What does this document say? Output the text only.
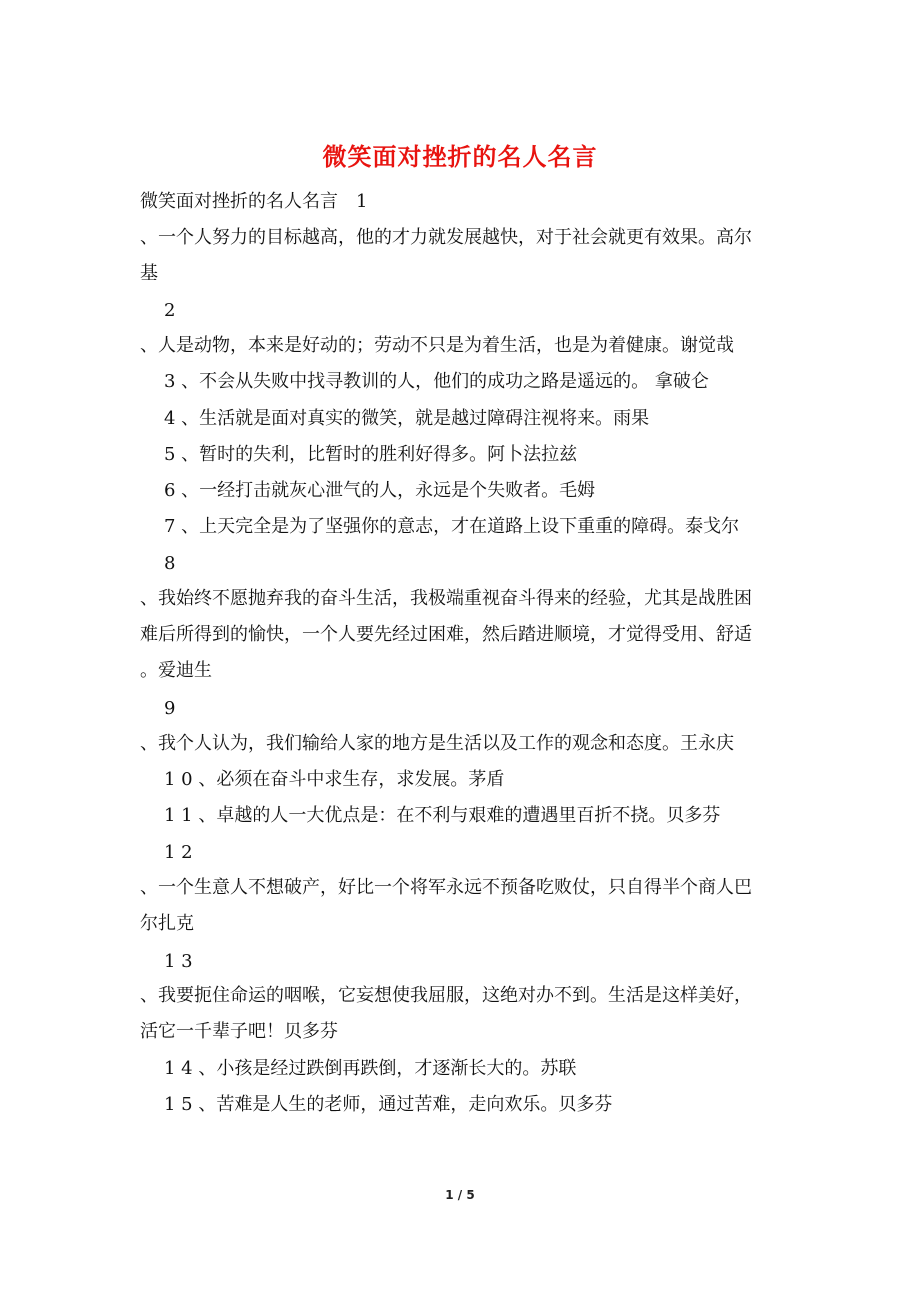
微笑面对挫折的名人名言
微笑面对挫折的名人名言　1
、一个人努力的目标越高，他的才力就发展越快，对于社会就更有效果。高尔
基
2
、人是动物，本来是好动的；劳动不只是为着生活，也是为着健康。谢觉哉
3 、不会从失败中找寻教训的人，他们的成功之路是遥远的。 拿破仑
4 、生活就是面对真实的微笑，就是越过障碍注视将来。雨果
5 、暂时的失利，比暂时的胜利好得多。阿卜法拉兹
6 、一经打击就灰心泄气的人，永远是个失败者。毛姆
7 、上天完全是为了坚强你的意志，才在道路上设下重重的障碍。泰戈尔
8
、我始终不愿抛弃我的奋斗生活，我极端重视奋斗得来的经验，尤其是战胜困
难后所得到的愉快，一个人要先经过困难，然后踏进顺境，才觉得受用、舒适
。爱迪生
9
、我个人认为，我们输给人家的地方是生活以及工作的观念和态度。王永庆
1 0 、必须在奋斗中求生存，求发展。茅盾
1 1 、卓越的人一大优点是：在不利与艰难的遭遇里百折不挠。贝多芬
1 2
、一个生意人不想破产，好比一个将军永远不预备吃败仗，只自得半个商人巴
尔扎克
1 3
、我要扼住命运的咽喉，它妄想使我屈服，这绝对办不到。生活是这样美好，
活它一千辈子吧！贝多芬
1 4 、小孩是经过跌倒再跌倒，才逐渐长大的。苏联
1 5 、苦难是人生的老师，通过苦难，走向欢乐。贝多芬
1 / 5
